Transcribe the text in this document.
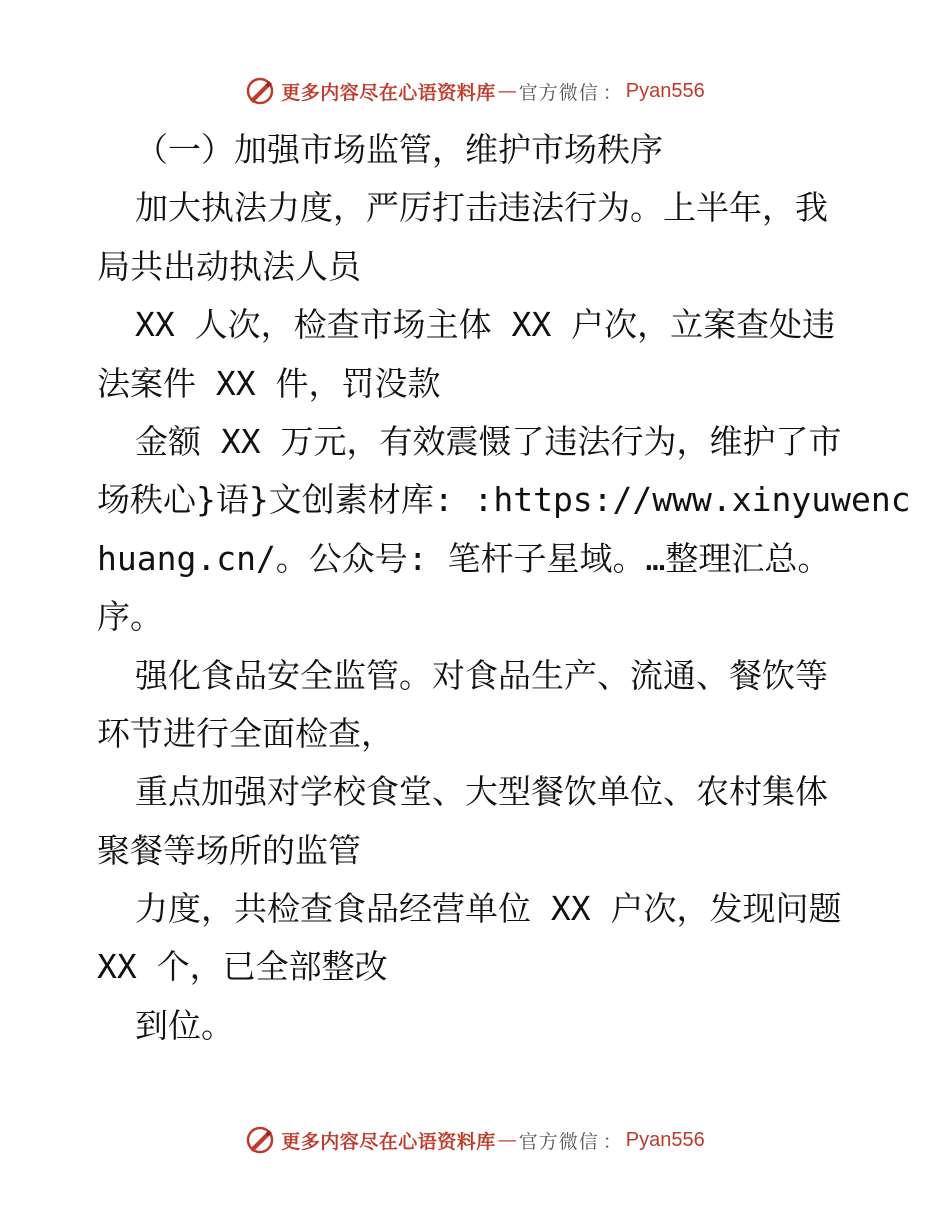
更多内容尽在心语资料库 — 官方微信 ： Pyan556
（一）加强市场监管，维护市场秩序
加大执法力度，严厉打击违法行为。上半年，我
局共出动执法人员
XX 人次，检查市场主体 XX 户次，立案查处违
法案件 XX 件，罚没款
金额 XX 万元，有效震慑了违法行为，维护了市
场秩心}语}文创素材库: :https://www.xinyuwenc
huang.cn/。公众号: 笔杆子星域。…整理汇总。
序。
强化食品安全监管。对食品生产、流通、餐饮等
环节进行全面检查，
重点加强对学校食堂、大型餐饮单位、农村集体
聚餐等场所的监管
力度，共检查食品经营单位 XX 户次，发现问题
XX 个，已全部整改
到位。
更多内容尽在心语资料库 — 官方微信 ： Pyan556
